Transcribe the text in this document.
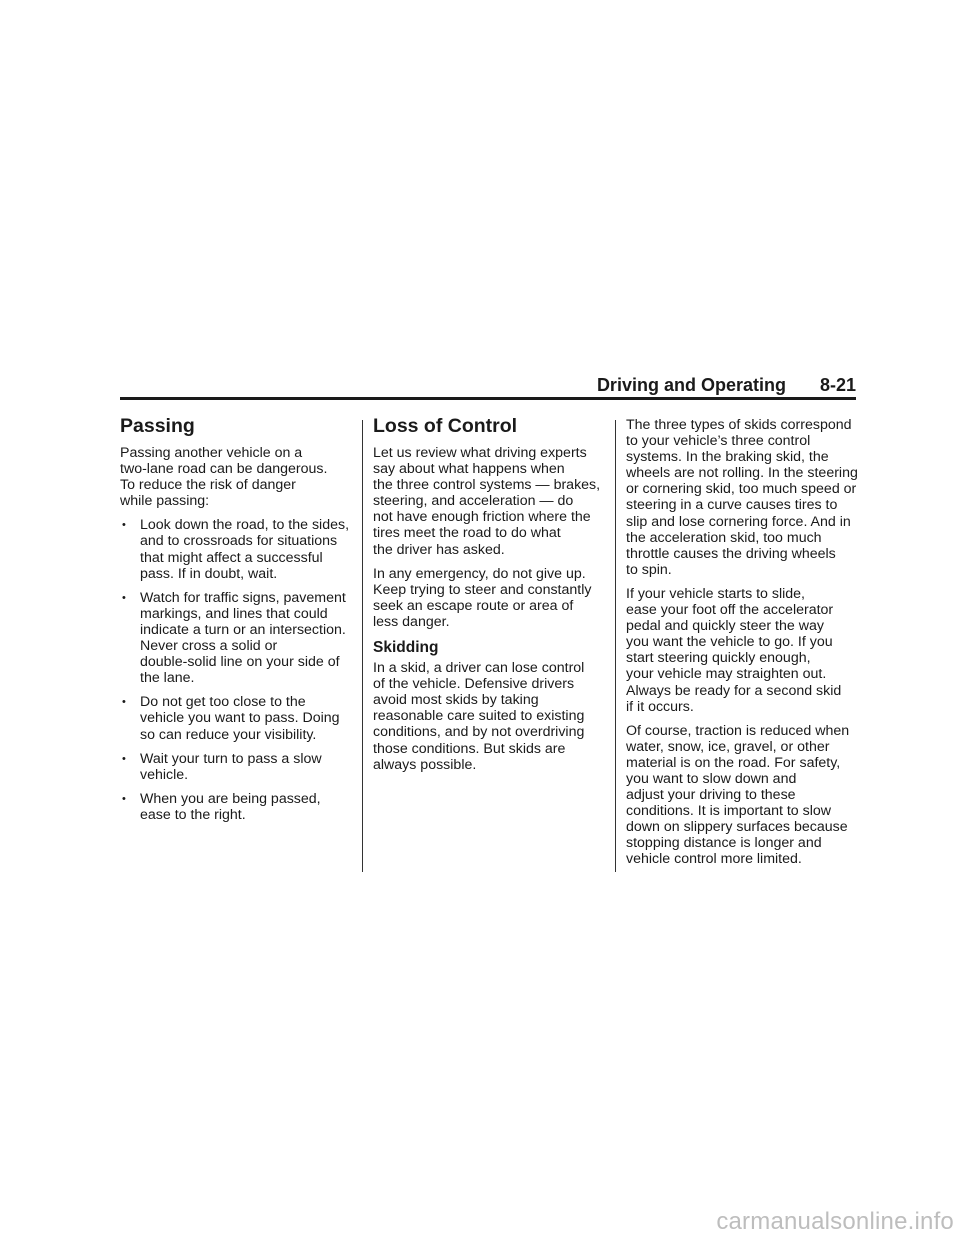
Driving and Operating 8-21
Passing

Passing another vehicle on a
two-lane road can be dangerous.
To reduce the risk of danger
while passing:

• Look down the road, to the sides,
and to crossroads for situations
that might affect a successful
pass. If in doubt, wait.
• Watch for traffic signs, pavement
markings, and lines that could
indicate a turn or an intersection.
Never cross a solid or
double-solid line on your side of
the lane.
• Do not get too close to the
vehicle you want to pass. Doing
so can reduce your visibility.
• Wait your turn to pass a slow
vehicle.
• When you are being passed,
ease to the right.
Loss of Control

Let us review what driving experts
say about what happens when
the three control systems — brakes,
steering, and acceleration — do
not have enough friction where the
tires meet the road to do what
the driver has asked.

In any emergency, do not give up.
Keep trying to steer and constantly
seek an escape route or area of
less danger.

Skidding

In a skid, a driver can lose control
of the vehicle. Defensive drivers
avoid most skids by taking
reasonable care suited to existing
conditions, and by not overdriving
those conditions. But skids are
always possible.

The three types of skids correspond
to your vehicle’s three control
systems. In the braking skid, the
wheels are not rolling. In the steering
or cornering skid, too much speed or
steering in a curve causes tires to
slip and lose cornering force. And in
the acceleration skid, too much
throttle causes the driving wheels
to spin.

If your vehicle starts to slide,
ease your foot off the accelerator
pedal and quickly steer the way
you want the vehicle to go. If you
start steering quickly enough,
your vehicle may straighten out.
Always be ready for a second skid
if it occurs.

Of course, traction is reduced when
water, snow, ice, gravel, or other
material is on the road. For safety,
you want to slow down and
adjust your driving to these
conditions. It is important to slow
down on slippery surfaces because
stopping distance is longer and
vehicle control more limited.

carmanualsonline.info
